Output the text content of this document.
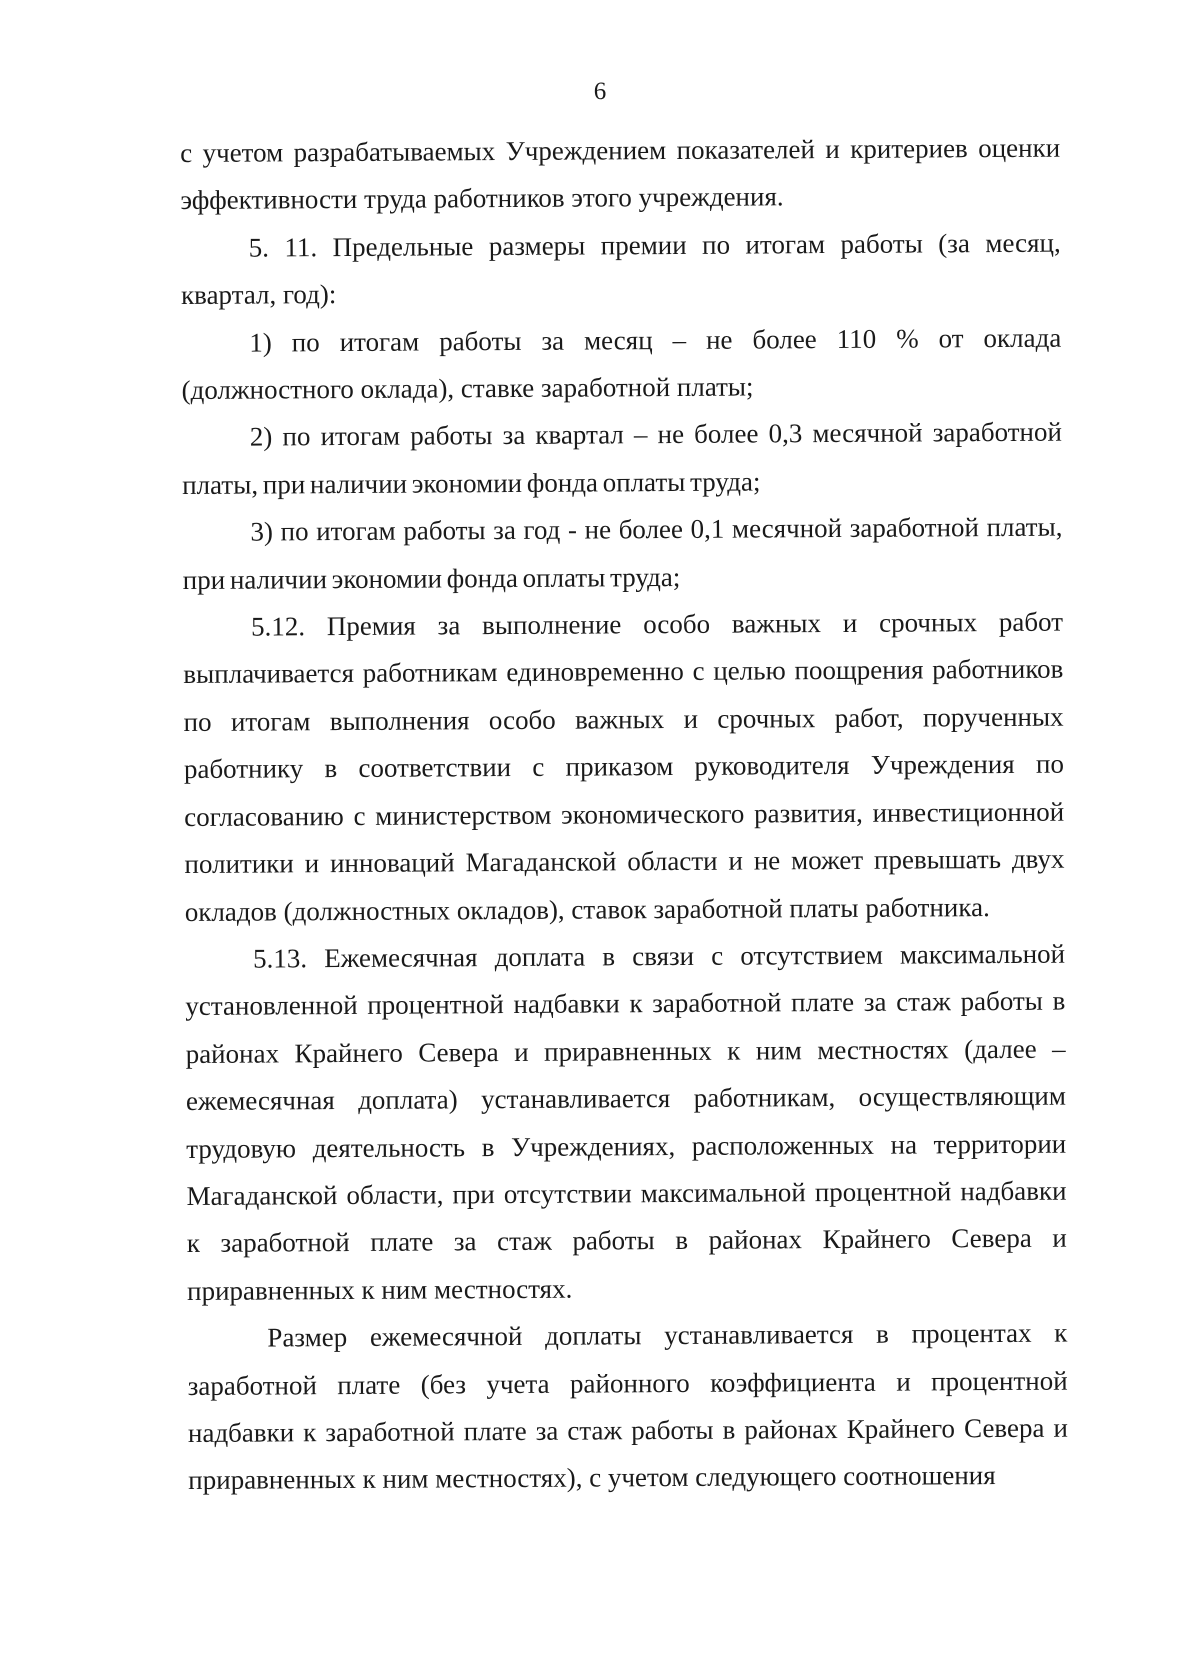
6

с учетом разрабатываемых Учреждением показателей и критериев оценки эффективности труда работников этого учреждения.

5. 11. Предельные размеры премии по итогам работы (за месяц, квартал, год):

1) по итогам работы за месяц – не более 110 % от оклада (должностного оклада), ставке заработной платы;

2) по итогам работы за квартал – не более 0,3 месячной заработной платы, при наличии экономии фонда оплаты труда;

3) по итогам работы за год - не более 0,1 месячной заработной платы, при наличии экономии фонда оплаты труда;

5.12. Премия за выполнение особо важных и срочных работ выплачивается работникам единовременно с целью поощрения работников по итогам выполнения особо важных и срочных работ, порученных работнику в соответствии с приказом руководителя Учреждения по согласованию с министерством экономического развития, инвестиционной политики и инноваций Магаданской области и не может превышать двух окладов (должностных окладов), ставок заработной платы работника.

5.13. Ежемесячная доплата в связи с отсутствием максимальной установленной процентной надбавки к заработной плате за стаж работы в районах Крайнего Севера и приравненных к ним местностях (далее – ежемесячная доплата) устанавливается работникам, осуществляющим трудовую деятельность в Учреждениях, расположенных на территории Магаданской области, при отсутствии максимальной процентной надбавки к заработной плате за стаж работы в районах Крайнего Севера и приравненных к ним местностях.

Размер ежемесячной доплаты устанавливается в процентах к заработной плате (без учета районного коэффициента и процентной надбавки к заработной плате за стаж работы в районах Крайнего Севера и приравненных к ним местностях), с учетом следующего соотношения
